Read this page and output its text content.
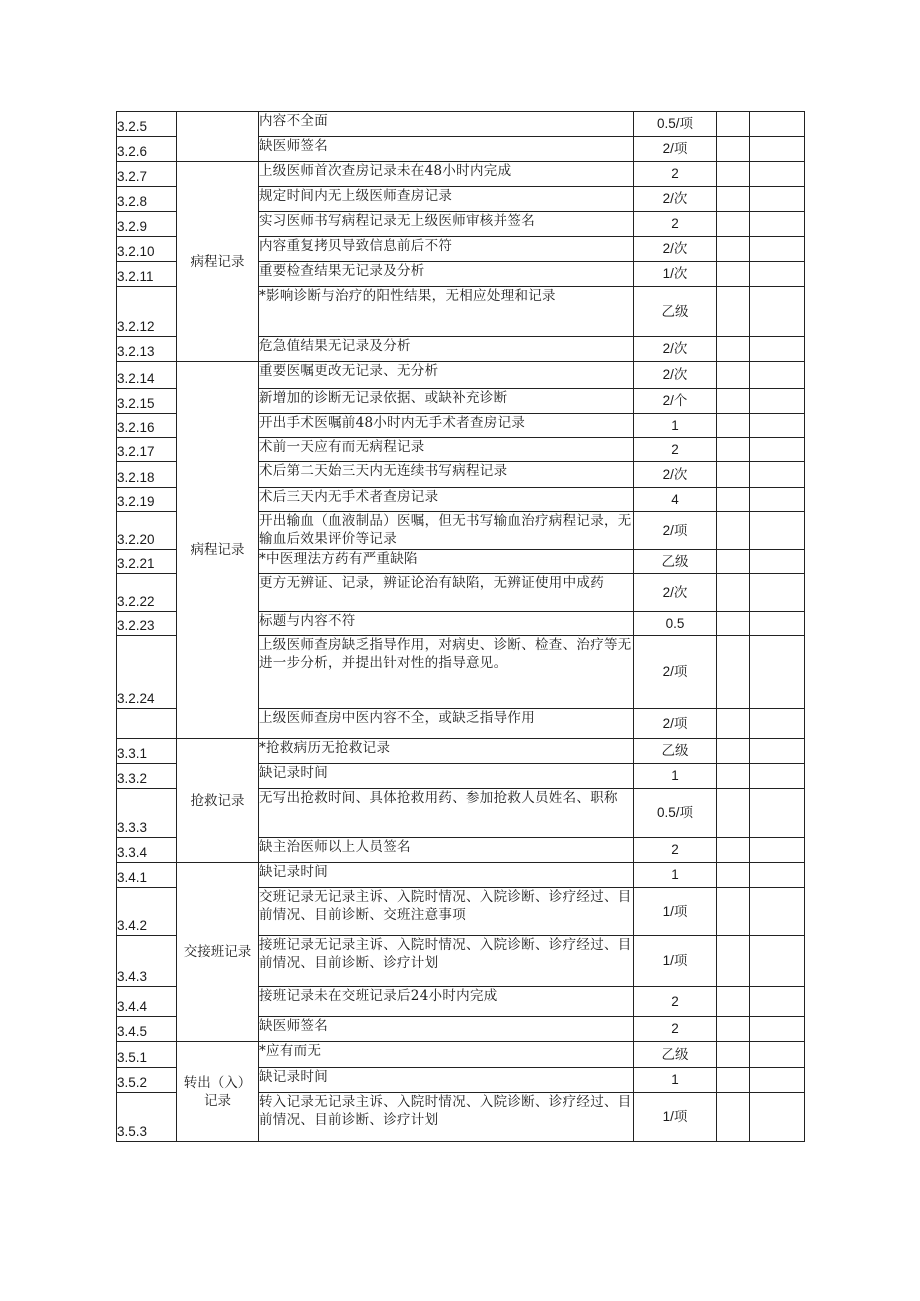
3.2.5		内容不全面	0.5/项		
3.2.6		缺医师签名	2/项		
3.2.7	病程记录	上级医师首次查房记录未在48小时内完成	2		
3.2.8		规定时间内无上级医师查房记录	2/次		
3.2.9		实习医师书写病程记录无上级医师审核并签名	2		
3.2.10		内容重复拷贝导致信息前后不符	2/次		
3.2.11		重要检查结果无记录及分析	1/次		
3.2.12		*影响诊断与治疗的阳性结果，无相应处理和记录	乙级		
3.2.13		危急值结果无记录及分析	2/次		
3.2.14	病程记录	重要医嘱更改无记录、无分析	2/次		
3.2.15		新增加的诊断无记录依据、或缺补充诊断	2/个		
3.2.16		开出手术医嘱前48小时内无手术者查房记录	1		
3.2.17		术前一天应有而无病程记录	2		
3.2.18		术后第二天始三天内无连续书写病程记录	2/次		
3.2.19		术后三天内无手术者查房记录	4		
3.2.20		开出输血（血液制品）医嘱，但无书写输血治疗病程记录，无输血后效果评价等记录	2/项		
3.2.21		*中医理法方药有严重缺陷	乙级		
3.2.22		更方无辨证、记录，辨证论治有缺陷，无辨证使用中成药	2/次		
3.2.23		标题与内容不符	0.5		
3.2.24		上级医师查房缺乏指导作用，对病史、诊断、检查、治疗等无进一步分析，并提出针对性的指导意见。	2/项		
		上级医师查房中医内容不全，或缺乏指导作用	2/项		
3.3.1	抢救记录	*抢救病历无抢救记录	乙级		
3.3.2		缺记录时间	1		
3.3.3		无写出抢救时间、具体抢救用药、参加抢救人员姓名、职称	0.5/项		
3.3.4		缺主治医师以上人员签名	2		
3.4.1	交接班记录	缺记录时间	1		
3.4.2		交班记录无记录主诉、入院时情况、入院诊断、诊疗经过、目前情况、目前诊断、交班注意事项	1/项		
3.4.3		接班记录无记录主诉、入院时情况、入院诊断、诊疗经过、目前情况、目前诊断、诊疗计划	1/项		
3.4.4		接班记录未在交班记录后24小时内完成	2		
3.4.5		缺医师签名	2		
3.5.1	转出（入）记录	*应有而无	乙级		
3.5.2		缺记录时间	1		
3.5.3		转入记录无记录主诉、入院时情况、入院诊断、诊疗经过、目前情况、目前诊断、诊疗计划	1/项		
